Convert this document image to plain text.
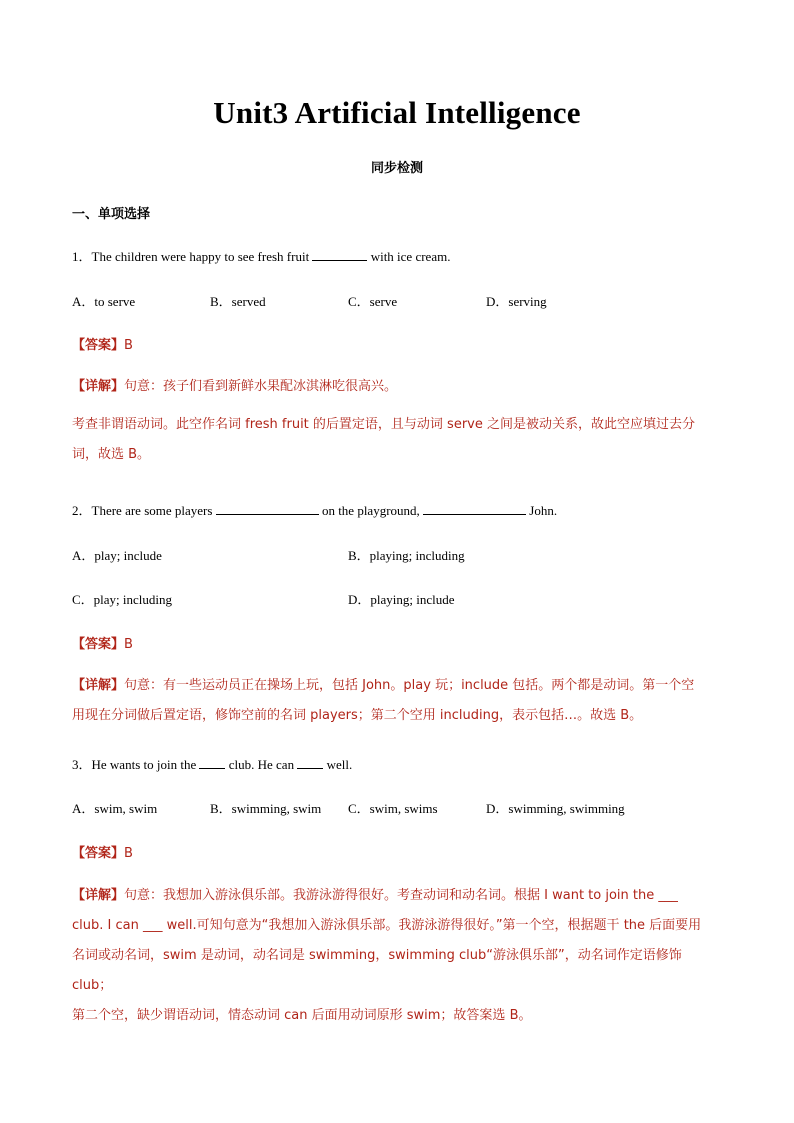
Unit3 Artificial Intelligence
同步检测
一、单项选择
1．The children were happy to see fresh fruit	with ice cream.
A．to serve	B．served	C．serve	D．serving
【答案】B
【详解】句意：孩子们看到新鲜水果配冰淇淋吃很高兴。
考查非谓语动词。此空作名词 fresh fruit 的后置定语，且与动词 serve 之间是被动关系，故此空应填过去分
词，故选 B。
2．There are some players	on the playground,	John.
A．play; include	B．playing; including
C．play; including	D．playing; include
【答案】B
【详解】句意：有一些运动员正在操场上玩，包括 John。play 玩；include 包括。两个都是动词。第一个空
用现在分词做后置定语，修饰空前的名词 players；第二个空用 including，表示包括…。故选 B。
3．He wants to join the	club. He can	well.
A．swim, swim	B．swimming, swim C．swim, swims	D．swimming, swimming
【答案】B
【详解】句意：我想加入游泳俱乐部。我游泳游得很好。考查动词和动名词。根据 I want to join the ___
club. I can ___ well.可知句意为“我想加入游泳俱乐部。我游泳游得很好。”第一个空，根据题干 the 后面要用
名词或动名词，swim 是动词，动名词是 swimming，swimming club“游泳俱乐部”，动名词作定语修饰 club；
第二个空，缺少谓语动词，情态动词 can 后面用动词原形 swim；故答案选 B。
